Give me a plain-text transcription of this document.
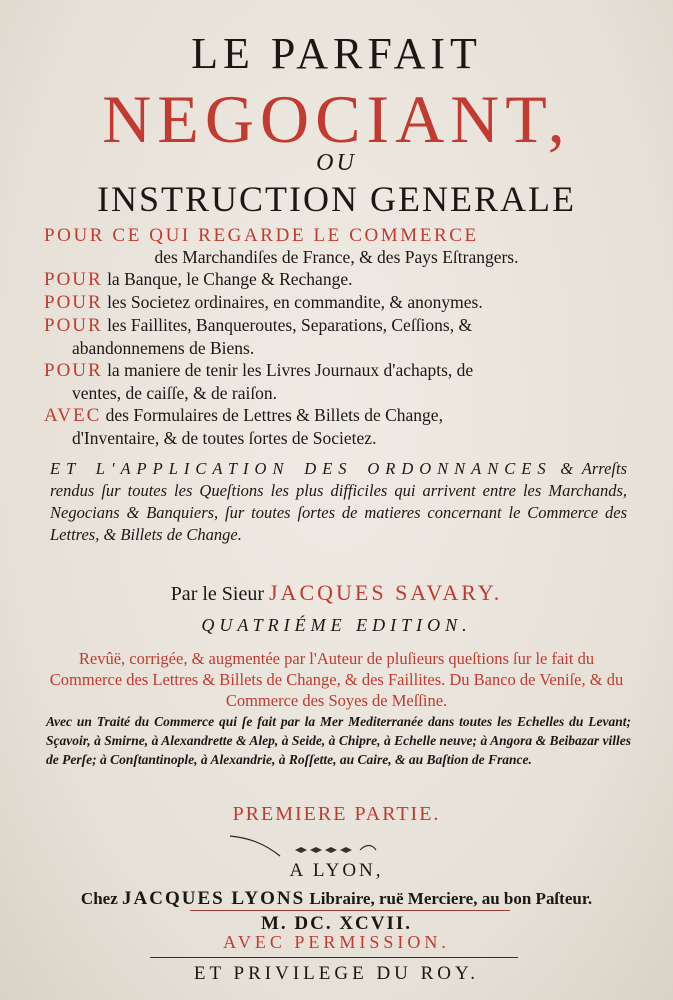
LE PARFAIT
NEGOCIANT,
OU
INSTRUCTION GENERALE
POUR CE QUI REGARDE LE COMMERCE
des Marchandiſes de France, & des Pays Eſtrangers.
POUR la Banque, le Change & Rechange.
POUR les Societez ordinaires, en commandite, & anonymes.
POUR les Faillites, Banqueroutes, Separations, Ceſſions, &
abandonnemens de Biens.
POUR la maniere de tenir les Livres Journaux d'achapts, de
ventes, de caiſſe, & de raiſon.
AVEC des Formulaires de Lettres & Billets de Change,
d'Inventaire, & de toutes ſortes de Societez.
ET L'APPLICATION DES ORDONNANCES & Arreſts rendus ſur toutes les Queſtions les plus difficiles qui arrivent entre les Marchands, Negocians & Banquiers, ſur toutes ſortes de matieres concernant le Commerce des Lettres, & Billets de Change.
Par le Sieur JACQUES SAVARY.
QUATRIÉME EDITION.
Revûë, corrigée, & augmentée par l'Auteur de pluſieurs queſtions ſur le fait du Commerce des Lettres & Billets de Change, & des Faillites. Du Banco de Veniſe, & du Commerce des Soyes de Meſſine.
Avec un Traité du Commerce qui ſe fait par la Mer Mediterranée dans toutes les Echelles du Levant; Sçavoir, à Smirne, à Alexandrette & Alep, à Seide, à Chipre, à Echelle neuve; à Angora & Beibazar villes de Perſe; à Conſtantinople, à Alexandrie, à Roſſette, au Caire, & au Baſtion de France.
PREMIERE PARTIE.
A LYON,
Chez JACQUES LYONS Libraire, ruë Merciere, au bon Paſteur.
M. DC. XCVII.
AVEC PERMISSION.
ET PRIVILEGE DU ROY.
